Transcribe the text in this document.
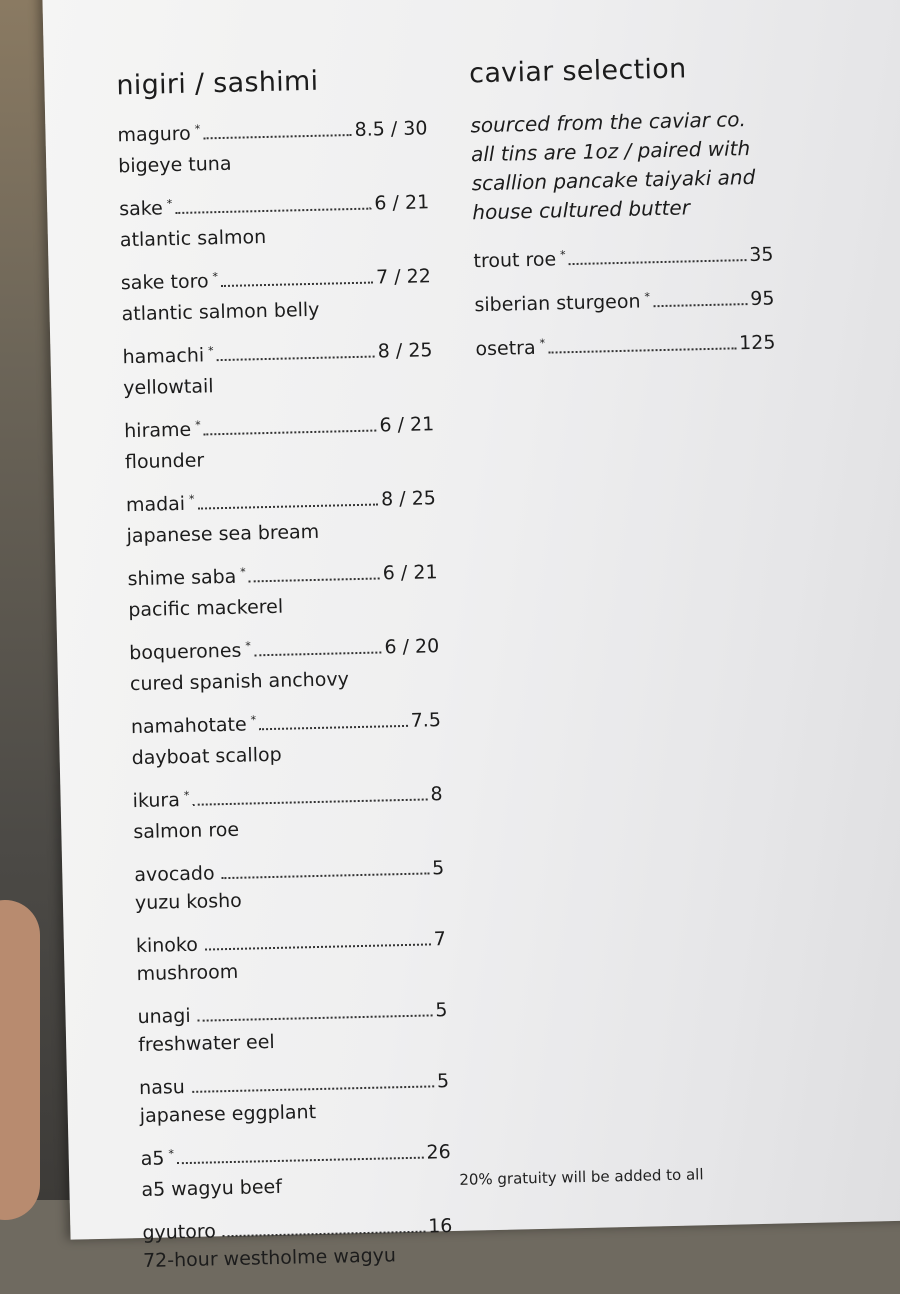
nigiri / sashimi
maguro *	8.5 / 30
bigeye tuna
sake *	6 / 21
atlantic salmon
sake toro *	7 / 22
atlantic salmon belly
hamachi *	8 / 25
yellowtail
hirame *	6 / 21
flounder
madai *	8 / 25
japanese sea bream
shime saba *	6 / 21
pacific mackerel
boquerones *	6 / 20
cured spanish anchovy
namahotate *	7.5
dayboat scallop
ikura *	8
salmon roe
avocado	5
yuzu kosho
kinoko	7
mushroom
unagi	5
freshwater eel
nasu	5
japanese eggplant
a5 *	26
a5 wagyu beef
gyutoro	16
72-hour westholme wagyu
caviar selection
sourced from the caviar co. all tins are 1oz / paired with scallion pancake taiyaki and house cultured butter
trout roe *	35
siberian sturgeon *	95
osetra *	125
20% gratuity will be added to all
